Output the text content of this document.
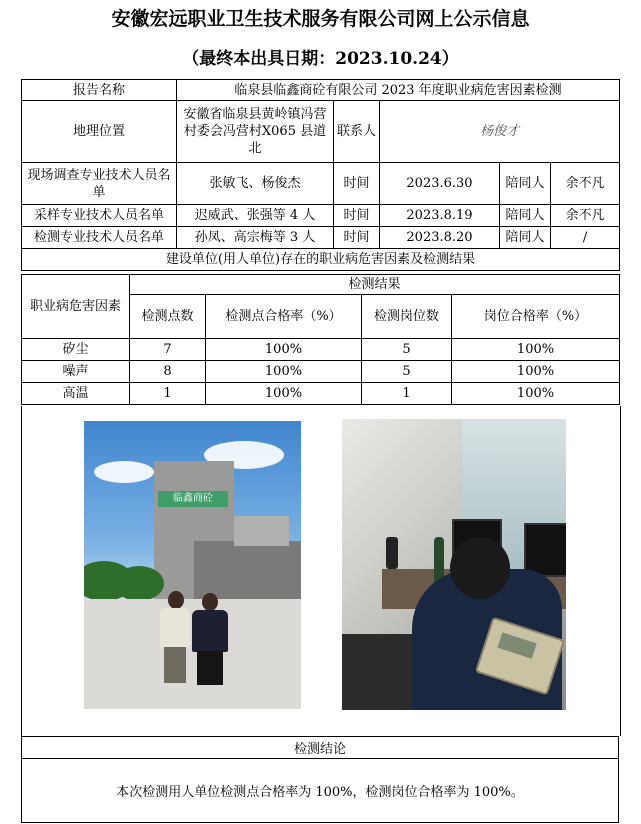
安徽宏远职业卫生技术服务有限公司网上公示信息
（最终本出具日期：2023.10.24）
报告名称	临泉县临鑫商砼有限公司 2023 年度职业病危害因素检测				
地理位置	安徽省临泉县黄岭镇冯营村委会冯营村X065 县道北	联系人	杨俊才		
现场调查专业技术人员名单	张敏飞、杨俊杰	时间	2023.6.30	陪同人	余不凡
采样专业技术人员名单	迟威武、张强等 4 人	时间	2023.8.19	陪同人	余不凡
检测专业技术人员名单	孙凤、高宗梅等 3 人	时间	2023.8.20	陪同人	/
建设单位(用人单位)存在的职业病危害因素及检测结果					
职业病危害因素	检测结果			
	检测点数	检测点合格率（%）	检测岗位数	岗位合格率（%）
矽尘	7	100%	5	100%
噪声	8	100%	5	100%
高温	1	100%	1	100%
临鑫商砼
检测结论
本次检测用人单位检测点合格率为 100%，检测岗位合格率为 100%。
